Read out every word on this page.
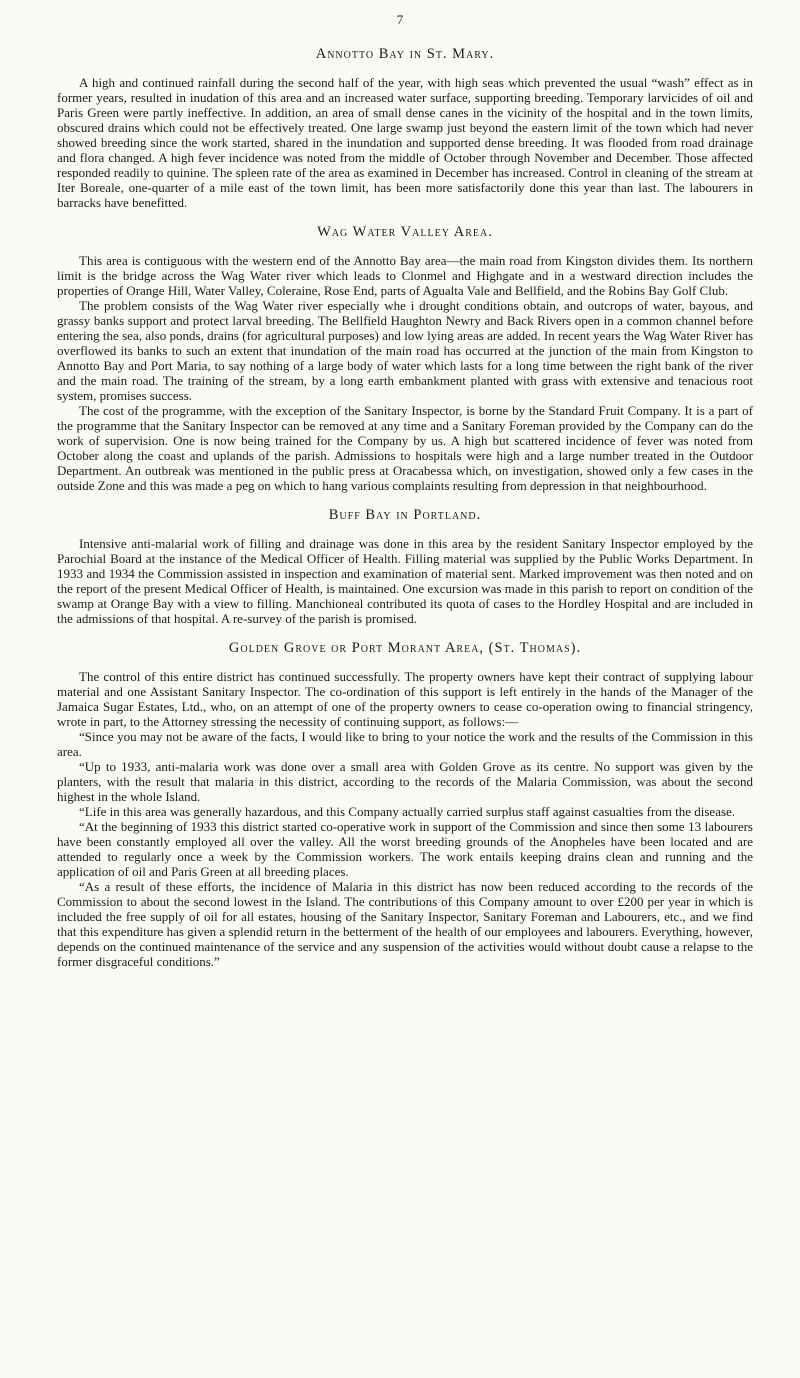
7
Annotto Bay in St. Mary.

A high and continued rainfall during the second half of the year, with high seas which prevented the usual “wash” effect as in former years, resulted in inudation of this area and an increased water surface, supporting breeding. Temporary larvicides of oil and Paris Green were partly ineffective. In addition, an area of small dense canes in the vicinity of the hospital and in the town limits, obscured drains which could not be effectively treated. One large swamp just beyond the eastern limit of the town which had never showed breeding since the work started, shared in the inundation and supported dense breeding. It was flooded from road drainage and flora changed. A high fever incidence was noted from the middle of October through November and December. Those affected responded readily to quinine. The spleen rate of the area as examined in December has increased. Control in cleaning of the stream at Iter Boreale, one-quarter of a mile east of the town limit, has been more satisfactorily done this year than last. The labourers in barracks have benefitted.

Wag Water Valley Area.

This area is contiguous with the western end of the Annotto Bay area—the main road from Kingston divides them. Its northern limit is the bridge across the Wag Water river which leads to Clonmel and Highgate and in a westward direction includes the properties of Orange Hill, Water Valley, Coleraine, Rose End, parts of Agualta Vale and Bellfield, and the Robins Bay Golf Club.

The problem consists of the Wag Water river especially whe i drought conditions obtain, and outcrops of water, bayous, and grassy banks support and protect larval breeding. The Bellfield Haughton Newry and Back Rivers open in a common channel before entering the sea, also ponds, drains (for agricultural purposes) and low lying areas are added. In recent years the Wag Water River has overflowed its banks to such an extent that inundation of the main road has occurred at the junction of the main from Kingston to Annotto Bay and Port Maria, to say nothing of a large body of water which lasts for a long time between the right bank of the river and the main road. The training of the stream, by a long earth embankment planted with grass with extensive and tenacious root system, promises success.

The cost of the programme, with the exception of the Sanitary Inspector, is borne by the Standard Fruit Company. It is a part of the programme that the Sanitary Inspector can be removed at any time and a Sanitary Foreman provided by the Company can do the work of supervision. One is now being trained for the Company by us. A high but scattered incidence of fever was noted from October along the coast and uplands of the parish. Admissions to hospitals were high and a large number treated in the Outdoor Department. An outbreak was mentioned in the public press at Oracabessa which, on investigation, showed only a few cases in the outside Zone and this was made a peg on which to hang various complaints resulting from depression in that neighbourhood.

Buff Bay in Portland.

Intensive anti-malarial work of filling and drainage was done in this area by the resident Sanitary Inspector employed by the Parochial Board at the instance of the Medical Officer of Health. Filling material was supplied by the Public Works Department. In 1933 and 1934 the Commission assisted in inspection and examination of material sent. Marked improvement was then noted and on the report of the present Medical Officer of Health, is maintained. One excursion was made in this parish to report on condition of the swamp at Orange Bay with a view to filling. Manchioneal contributed its quota of cases to the Hordley Hospital and are included in the admissions of that hospital. A re-survey of the parish is promised.

Golden Grove or Port Morant Area, (St. Thomas).

The control of this entire district has continued successfully. The property owners have kept their contract of supplying labour material and one Assistant Sanitary Inspector. The co-ordination of this support is left entirely in the hands of the Manager of the Jamaica Sugar Estates, Ltd., who, on an attempt of one of the property owners to cease co-operation owing to financial stringency, wrote in part, to the Attorney stressing the necessity of continuing support, as follows:—

“Since you may not be aware of the facts, I would like to bring to your notice the work and the results of the Commission in this area.

“Up to 1933, anti-malaria work was done over a small area with Golden Grove as its centre. No support was given by the planters, with the result that malaria in this district, according to the records of the Malaria Commission, was about the second highest in the whole Island.

“Life in this area was generally hazardous, and this Company actually carried surplus staff against casualties from the disease.

“At the beginning of 1933 this district started co-operative work in support of the Commission and since then some 13 labourers have been constantly employed all over the valley. All the worst breeding grounds of the Anopheles have been located and are attended to regularly once a week by the Commission workers. The work entails keeping drains clean and running and the application of oil and Paris Green at all breeding places.

“As a result of these efforts, the incidence of Malaria in this district has now been reduced according to the records of the Commission to about the second lowest in the Island. The contributions of this Company amount to over £200 per year in which is included the free supply of oil for all estates, housing of the Sanitary Inspector, Sanitary Foreman and Labourers, etc., and we find that this expenditure has given a splendid return in the betterment of the health of our employees and labourers. Everything, however, depends on the continued maintenance of the service and any suspension of the activities would without doubt cause a relapse to the former disgraceful conditions.”
